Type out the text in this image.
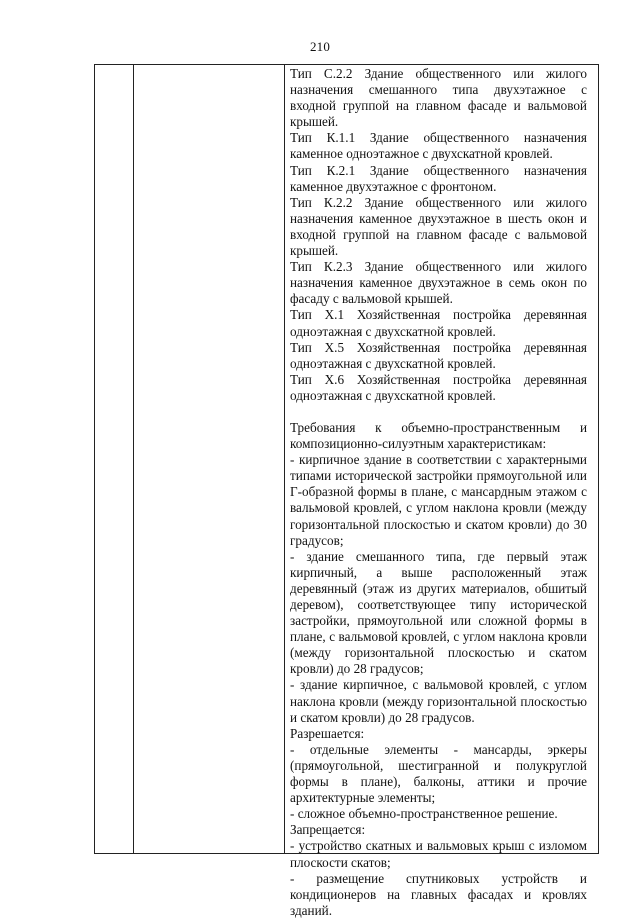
210

Тип С.2.2 Здание общественного или жилого назначения смешанного типа двухэтажное с входной группой на главном фасаде и вальмовой крышей.

Тип К.1.1 Здание общественного назначения каменное одноэтажное с двухскатной кровлей.

Тип К.2.1 Здание общественного назначения каменное двухэтажное с фронтоном.

Тип К.2.2 Здание общественного или жилого назначения каменное двухэтажное в шесть окон и входной группой на главном фасаде с вальмовой крышей.

Тип К.2.3 Здание общественного или жилого назначения каменное двухэтажное в семь окон по фасаду с вальмовой крышей.

Тип Х.1 Хозяйственная постройка деревянная одноэтажная с двухскатной кровлей.

Тип Х.5 Хозяйственная постройка деревянная одноэтажная с двухскатной кровлей.

Тип Х.6 Хозяйственная постройка деревянная одноэтажная с двухскатной кровлей.

Требования к объемно-пространственным и композиционно-силуэтным характеристикам:

- кирпичное здание в соответствии с характерными типами исторической застройки прямоугольной или Г-образной формы в плане, с мансардным этажом с вальмовой кровлей, с углом наклона кровли (между горизонтальной плоскостью и скатом кровли) до 30 градусов;

- здание смешанного типа, где первый этаж кирпичный, а выше расположенный этаж деревянный (этаж из других материалов, обшитый деревом), соответствующее типу исторической застройки, прямоугольной или сложной формы в плане, с вальмовой кровлей, с углом наклона кровли (между горизонтальной плоскостью и скатом кровли) до 28 градусов;

- здание кирпичное, с вальмовой кровлей, с углом наклона кровли (между горизонтальной плоскостью и скатом кровли) до 28 градусов.

Разрешается:

- отдельные элементы - мансарды, эркеры (прямоугольной, шестигранной и полукруглой формы в плане), балконы, аттики и прочие архитектурные элементы;

- сложное объемно-пространственное решение.

Запрещается:

- устройство скатных и вальмовых крыш с изломом плоскости скатов;

- размещение спутниковых устройств и кондиционеров на главных фасадах и кровлях зданий.
